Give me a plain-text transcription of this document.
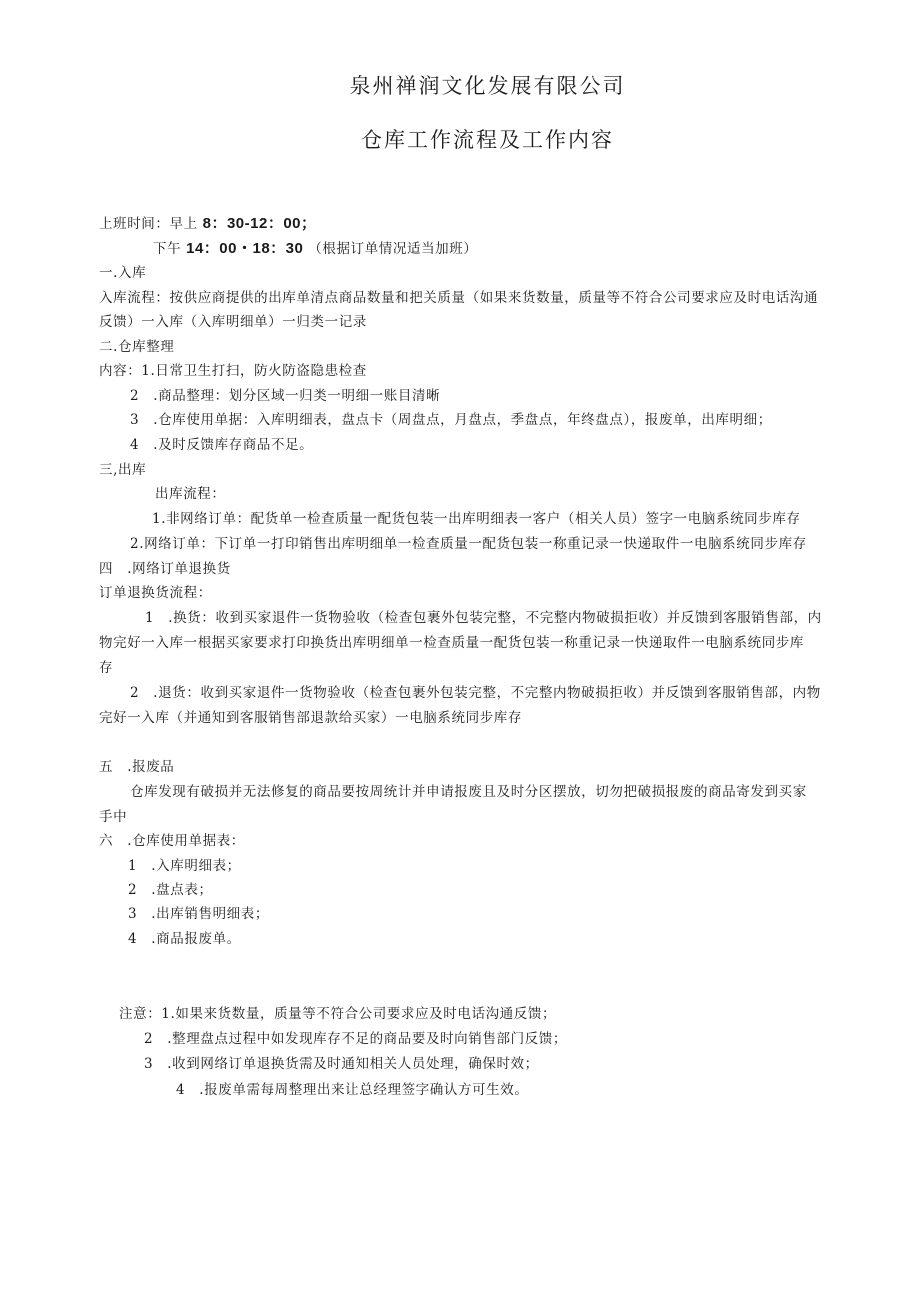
泉州禅润文化发展有限公司
仓库工作流程及工作内容
上班时间：早上 8：30-12：00；
下午 14：00・18：30 （根据订单情况适当加班）
一.入库
入库流程：按供应商提供的出库单清点商品数量和把关质量（如果来货数量，质量等不符合公司要求应及时电话沟通
反馈）一入库（入库明细单）一归类一记录
二.仓库整理
内容：1.日常卫生打扫，防火防盗隐患检查
2　.商品整理：划分区域一归类一明细一账目清晰
3　.仓库使用单据：入库明细表，盘点卡（周盘点，月盘点，季盘点，年终盘点），报废单，出库明细；
4　.及时反馈库存商品不足。
三,出库
出库流程：
1.非网络订单：配货单一检查质量一配货包装一出库明细表一客户（相关人员）签字一电脑系统同步库存
2.网络订单：下订单一打印销售出库明细单一检查质量一配货包装一称重记录一快递取件一电脑系统同步库存
四　.网络订单退换货
订单退换货流程：
1　.换货：收到买家退件一货物验收（检查包裹外包装完整，不完整内物破损拒收）并反馈到客服销售部，内
物完好一入库一根据买家要求打印换货出库明细单一检查质量一配货包装一称重记录一快递取件一电脑系统同步库
存
2　.退货：收到买家退件一货物验收（检查包裹外包装完整，不完整内物破损拒收）并反馈到客服销售部，内物
完好一入库（并通知到客服销售部退款给买家）一电脑系统同步库存
五　.报废品
仓库发现有破损并无法修复的商品要按周统计并申请报废且及时分区摆放，切勿把破损报废的商品寄发到买家
手中
六　.仓库使用单据表：
1　.入库明细表；
2　.盘点表；
3　.出库销售明细表；
4　.商品报废单。
注意：1.如果来货数量，质量等不符合公司要求应及时电话沟通反馈；
2　.整理盘点过程中如发现库存不足的商品要及时向销售部门反馈；
3　.收到网络订单退换货需及时通知相关人员处理，确保时效；
4　.报废单需每周整理出来让总经理签字确认方可生效。
